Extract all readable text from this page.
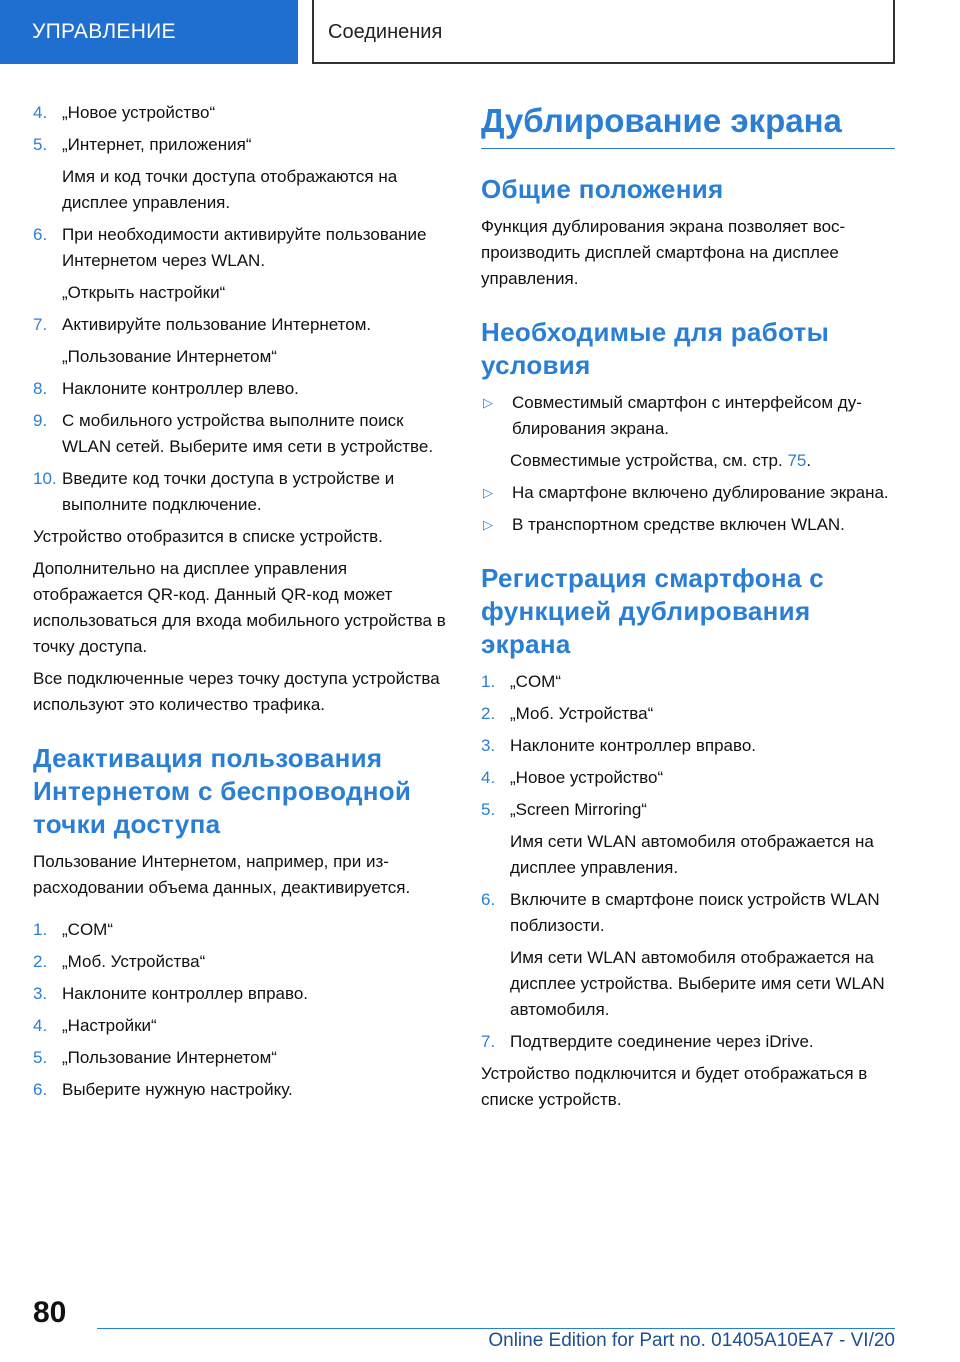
УПРАВЛЕНИЕ	Соединения
4. „Новое устройство“
5. „Интернет, приложения“
Имя и код точки доступа отображаются на дисплее управления.
6. При необходимости активируйте пользование Интернетом через WLAN.
„Открыть настройки“
7. Активируйте пользование Интернетом.
„Пользование Интернетом“
8. Наклоните контроллер влево.
9. С мобильного устройства выполните поиск WLAN сетей. Выберите имя сети в устройстве.
10. Введите код точки доступа в устройстве и выполните подключение.
Устройство отобразится в списке устройств.
Дополнительно на дисплее управления отображается QR-код. Данный QR-код может использоваться для входа мобильного устройства в точку доступа.
Все подключенные через точку доступа устройства используют это количество трафика.
Деактивация пользования Интернетом с беспроводной точки доступа
Пользование Интернетом, например, при израсходовании объема данных, деактивируется.
1. „COM“
2. „Моб. Устройства“
3. Наклоните контроллер вправо.
4. „Настройки“
5. „Пользование Интернетом“
6. Выберите нужную настройку.
Дублирование экрана
Общие положения
Функция дублирования экрана позволяет воспроизводить дисплей смартфона на дисплее управления.
Необходимые для работы условия
▷	Совместимый смартфон с интерфейсом дублирования экрана.
Совместимые устройства, см. стр. 75.
▷	На смартфоне включено дублирование экрана.
▷	В транспортном средстве включен WLAN.
Регистрация смартфона с функцией дублирования экрана
1. „COM“
2. „Моб. Устройства“
3. Наклоните контроллер вправо.
4. „Новое устройство“
5. „Screen Mirroring“
Имя сети WLAN автомобиля отображается на дисплее управления.
6. Включите в смартфоне поиск устройств WLAN поблизости.
Имя сети WLAN автомобиля отображается на дисплее устройства. Выберите имя сети WLAN автомобиля.
7. Подтвердите соединение через iDrive.
Устройство подключится и будет отображаться в списке устройств.
80
Online Edition for Part no. 01405A10EA7 - VI/20
